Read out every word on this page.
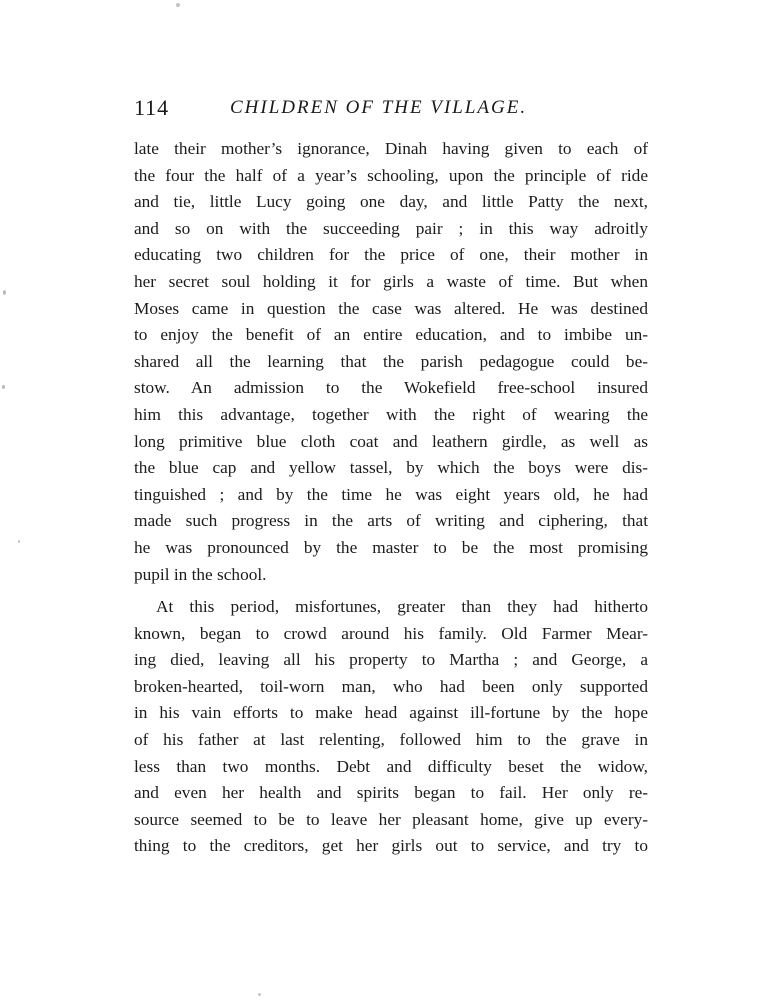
114	CHILDREN OF THE VILLAGE.
late their mother’s ignorance, Dinah having given to each of
the four the half of a year’s schooling, upon the principle of ride
and tie, little Lucy going one day, and little Patty the next,
and so on with the succeeding pair ; in this way adroitly
educating two children for the price of one, their mother in
her secret soul holding it for girls a waste of time. But when
Moses came in question the case was altered. He was destined
to enjoy the benefit of an entire education, and to imbibe un-
shared all the learning that the parish pedagogue could be-
stow. An admission to the Wokefield free-school insured
him this advantage, together with the right of wearing the
long primitive blue cloth coat and leathern girdle, as well as
the blue cap and yellow tassel, by which the boys were dis-
tinguished ; and by the time he was eight years old, he had
made such progress in the arts of writing and ciphering, that
he was pronounced by the master to be the most promising
pupil in the school.
At this period, misfortunes, greater than they had hitherto
known, began to crowd around his family. Old Farmer Mear-
ing died, leaving all his property to Martha ; and George, a
broken-hearted, toil-worn man, who had been only supported
in his vain efforts to make head against ill-fortune by the hope
of his father at last relenting, followed him to the grave in
less than two months. Debt and difficulty beset the widow,
and even her health and spirits began to fail. Her only re-
source seemed to be to leave her pleasant home, give up every-
thing to the creditors, get her girls out to service, and try to
